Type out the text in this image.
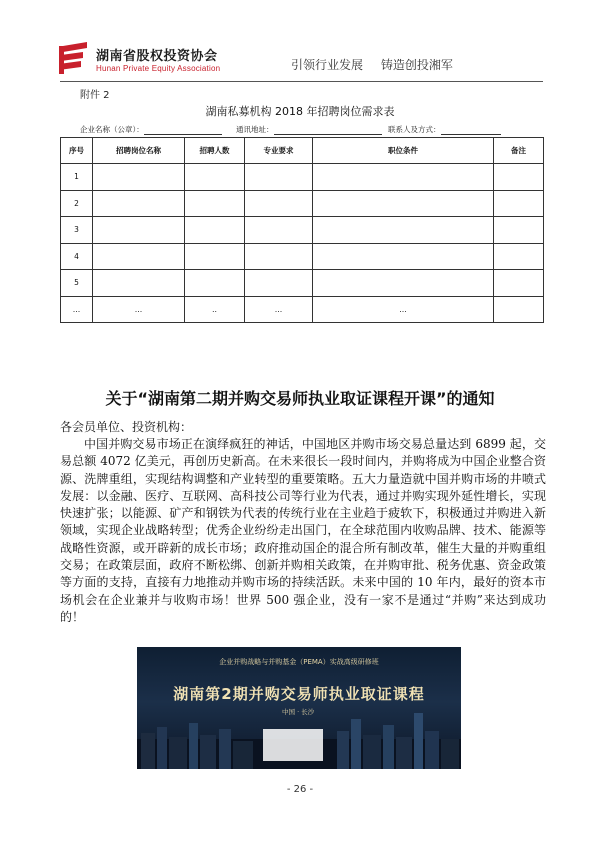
湖南省股权投资协会
Hunan Private Equity Association	引领行业发展 铸造创投湘军
附件 2
湖南私募机构 2018 年招聘岗位需求表
企业名称（公章）：	通讯地址：	联系人及方式：
序号	招聘岗位名称	招聘人数	专业要求	职位条件	备注
1					
2					
3					
4					
5					
…	…	‥	…	…	
关于“湖南第二期并购交易师执业取证课程开课”的通知
各会员单位、投资机构：

中国并购交易市场正在演绎疯狂的神话，中国地区并购市场交易总量达到 6899 起，交易总额 4072 亿美元，再创历史新高。在未来很长一段时间内，并购将成为中国企业整合资源、洗牌重组，实现结构调整和产业转型的重要策略。五大力量造就中国并购市场的井喷式发展：以金融、医疗、互联网、高科技公司等行业为代表，通过并购实现外延性增长，实现快速扩张；以能源、矿产和钢铁为代表的传统行业在主业趋于疲软下，积极通过并购进入新领域，实现企业战略转型；优秀企业纷纷走出国门，在全球范围内收购品牌、技术、能源等战略性资源，或开辟新的成长市场；政府推动国企的混合所有制改革，催生大量的并购重组交易；在政策层面，政府不断松绑、创新并购相关政策，在并购审批、税务优惠、资金政策等方面的支持，直接有力地推动并购市场的持续活跃。未来中国的 10 年内，最好的资本市场机会在企业兼并与收购市场！世界 500 强企业，没有一家不是通过“并购”来达到成功的！

企业并购战略与并购基金（PEMA）实战高级研修班
湖南第2期并购交易师执业取证课程
中国 · 长沙
- 26 -
